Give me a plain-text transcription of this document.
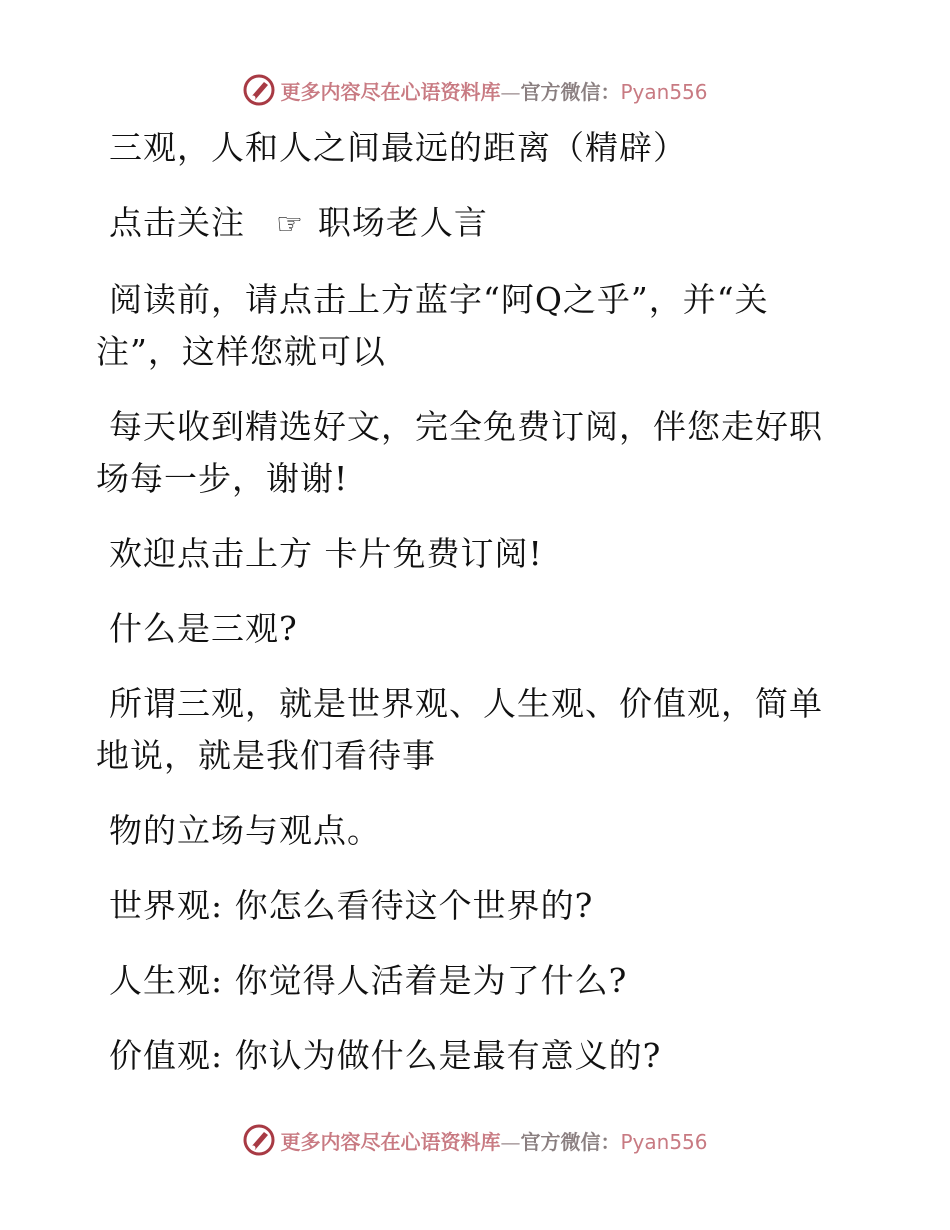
更多内容尽在心语资料库—官方微信：Pyan556

三观，人和人之间最远的距离（精辟）

点击关注 ☞ 职场老人言

阅读前，请点击上方蓝字“阿Q之乎”，并“关注”，这样您就可以

每天收到精选好文，完全免费订阅，伴您走好职场每一步，谢谢!

欢迎点击上方 卡片免费订阅!

什么是三观?

所谓三观，就是世界观、人生观、价值观，简单地说，就是我们看待事

物的立场与观点。

世界观: 你怎么看待这个世界的?

人生观: 你觉得人活着是为了什么?

价值观: 你认为做什么是最有意义的?

更多内容尽在心语资料库—官方微信：Pyan556
